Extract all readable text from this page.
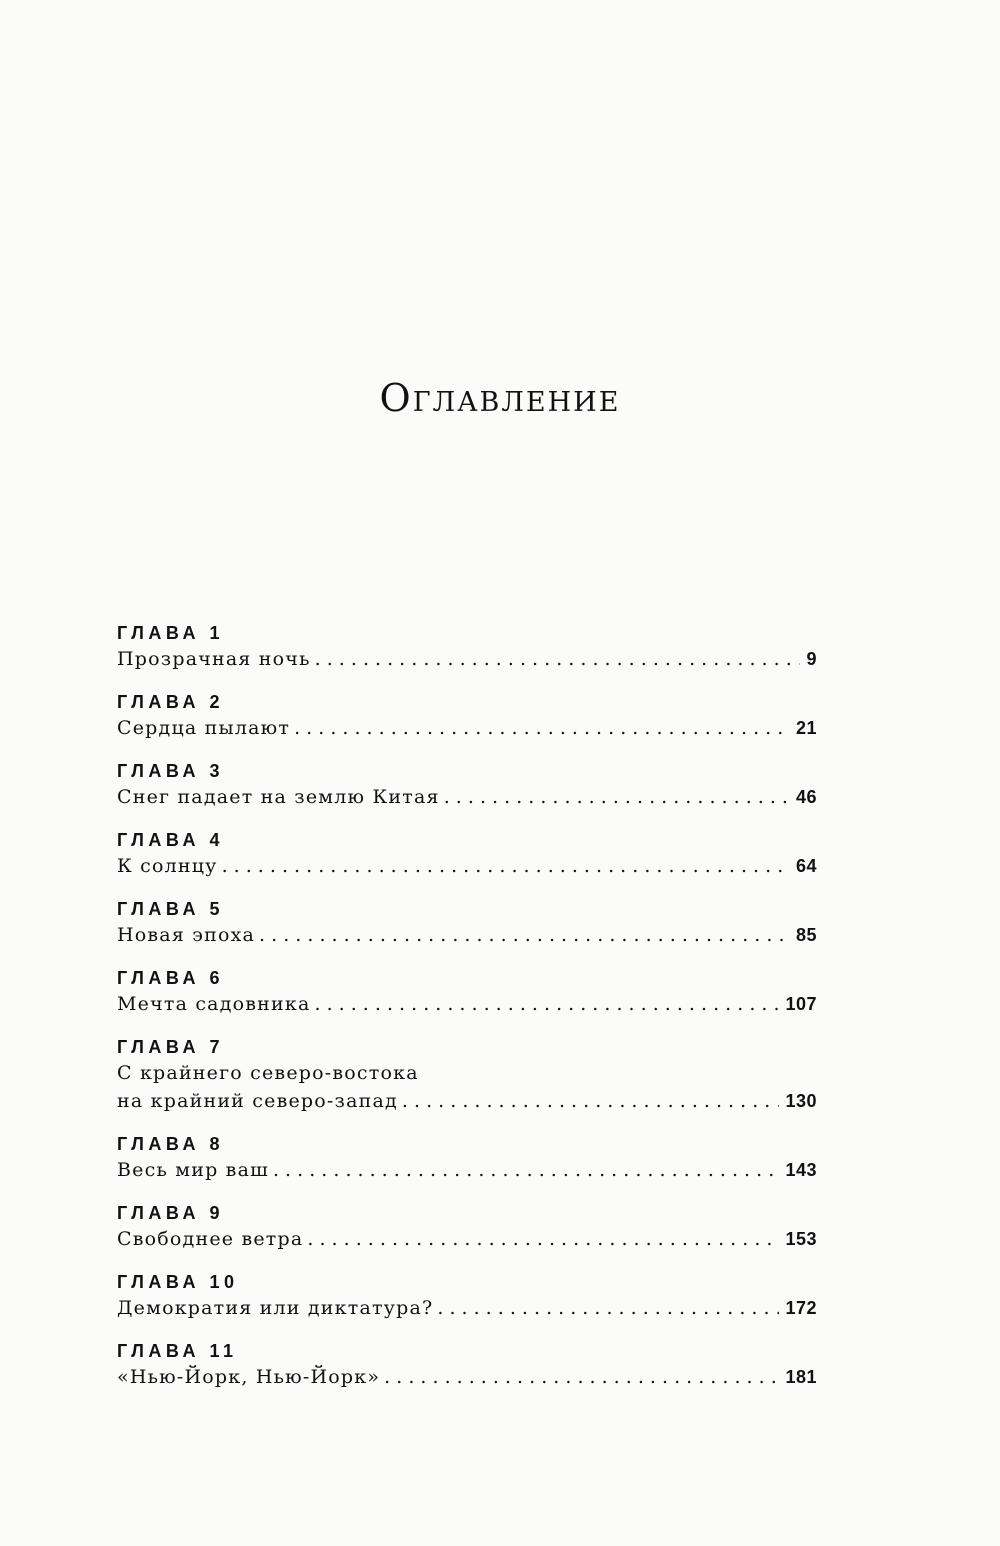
Оглавление
ГЛАВА 1
Прозрачная ночь . . .	9
ГЛАВА 2
Сердца пылают . . .	21
ГЛАВА 3
Снег падает на землю Китая . . .	46
ГЛАВА 4
К солнцу . . .	64
ГЛАВА 5
Новая эпоха . . .	85
ГЛАВА 6
Мечта садовника . . .	107
ГЛАВА 7
С крайнего северо-востока
на крайний северо-запад . . .	130
ГЛАВА 8
Весь мир ваш . . .	143
ГЛАВА 9
Свободнее ветра . . .	153
ГЛАВА 10
Демократия или диктатура? . . .	172
ГЛАВА 11
«Нью-Йорк, Нью-Йорк» . . .	181
